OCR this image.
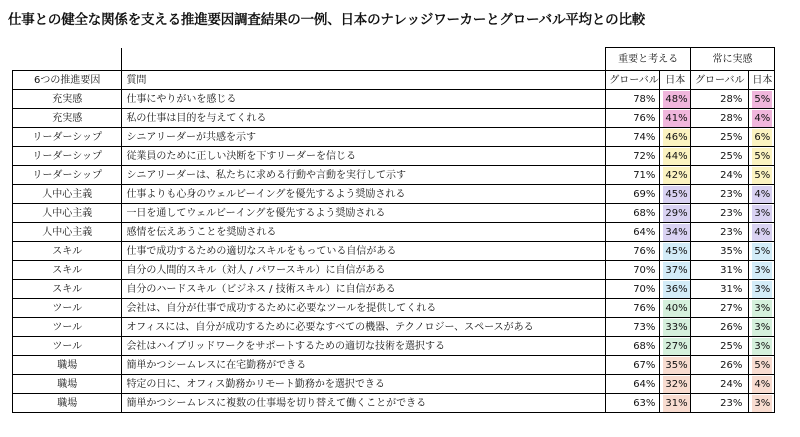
仕事との健全な関係を支える推進要因調査結果の一例、日本のナレッジワーカーとグローバル平均との比較
		重要と考える		常に実感	
6つの推進要因	質問	グローバル	日本	グローバル	日本
充実感	仕事にやりがいを感じる	78%	48%	28%	5%
充実感	私の仕事は目的を与えてくれる	76%	41%	28%	4%
リーダーシップ	シニアリーダーが共感を示す	74%	46%	25%	6%
リーダーシップ	従業員のために正しい決断を下すリーダーを信じる	72%	44%	25%	5%
リーダーシップ	シニアリーダーは、私たちに求める行動や言動を実行して示す	71%	42%	24%	5%
人中心主義	仕事よりも心身のウェルビーイングを優先するよう奨励される	69%	45%	23%	4%
人中心主義	一日を通してウェルビーイングを優先するよう奨励される	68%	29%	23%	3%
人中心主義	感情を伝えあうことを奨励される	64%	34%	23%	4%
スキル	仕事で成功するための適切なスキルをもっている自信がある	76%	45%	35%	5%
スキル	自分の人間的スキル（対人 / パワースキル）に自信がある	70%	37%	31%	3%
スキル	自分のハードスキル（ビジネス / 技術スキル）に自信がある	70%	36%	31%	3%
ツール	会社は、自分が仕事で成功するために必要なツールを提供してくれる	76%	40%	27%	3%
ツール	オフィスには、自分が成功するために必要なすべての機器、テクノロジー、スペースがある	73%	33%	26%	3%
ツール	会社はハイブリッドワークをサポートするための適切な技術を選択する	68%	27%	25%	3%
職場	簡単かつシームレスに在宅勤務ができる	67%	35%	26%	5%
職場	特定の日に、オフィス勤務かリモート勤務かを選択できる	64%	32%	24%	4%
職場	簡単かつシームレスに複数の仕事場を切り替えて働くことができる	63%	31%	23%	3%
